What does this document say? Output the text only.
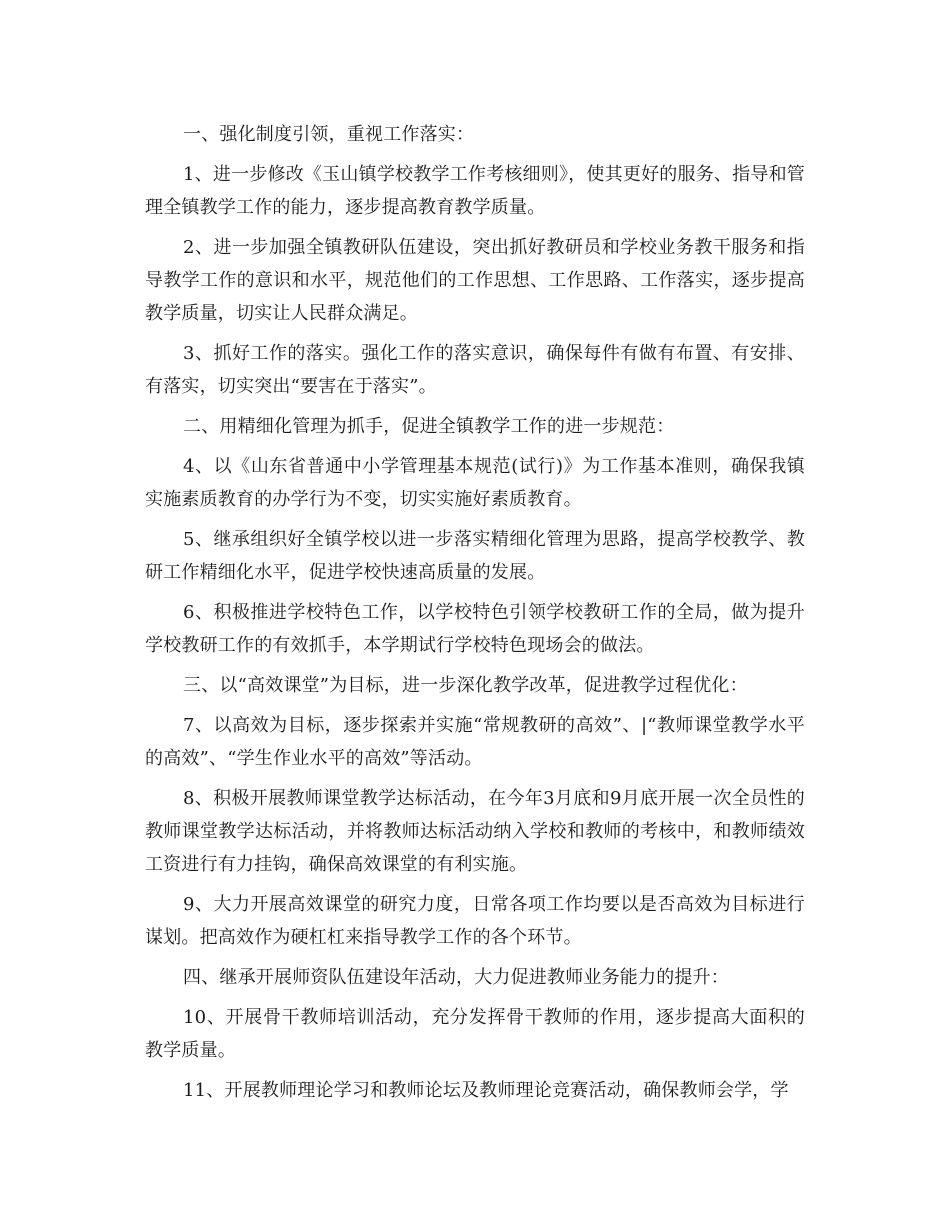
一、强化制度引领，重视工作落实：

1、进一步修改《玉山镇学校教学工作考核细则》，使其更好的服务、指导和管理全镇教学工作的能力，逐步提高教育教学质量。

2、进一步加强全镇教研队伍建设，突出抓好教研员和学校业务教干服务和指导教学工作的意识和水平，规范他们的工作思想、工作思路、工作落实，逐步提高教学质量，切实让人民群众满足。

3、抓好工作的落实。强化工作的落实意识，确保每件有做有布置、有安排、有落实，切实突出“要害在于落实”。

二、用精细化管理为抓手，促进全镇教学工作的进一步规范：

4、以《山东省普通中小学管理基本规范(试行)》为工作基本准则，确保我镇实施素质教育的办学行为不变，切实实施好素质教育。

5、继承组织好全镇学校以进一步落实精细化管理为思路，提高学校教学、教研工作精细化水平，促进学校快速高质量的发展。

6、积极推进学校特色工作，以学校特色引领学校教研工作的全局，做为提升学校教研工作的有效抓手，本学期试行学校特色现场会的做法。

三、以“高效课堂”为目标，进一步深化教学改革，促进教学过程优化：

7、以高效为目标，逐步探索并实施“常规教研的高效”、|“教师课堂教学水平的高效”、“学生作业水平的高效”等活动。

8、积极开展教师课堂教学达标活动，在今年3月底和9月底开展一次全员性的教师课堂教学达标活动，并将教师达标活动纳入学校和教师的考核中，和教师绩效工资进行有力挂钩，确保高效课堂的有利实施。

9、大力开展高效课堂的研究力度，日常各项工作均要以是否高效为目标进行谋划。把高效作为硬杠杠来指导教学工作的各个环节。

四、继承开展师资队伍建设年活动，大力促进教师业务能力的提升：

10、开展骨干教师培训活动，充分发挥骨干教师的作用，逐步提高大面积的教学质量。

11、开展教师理论学习和教师论坛及教师理论竞赛活动，确保教师会学，学
